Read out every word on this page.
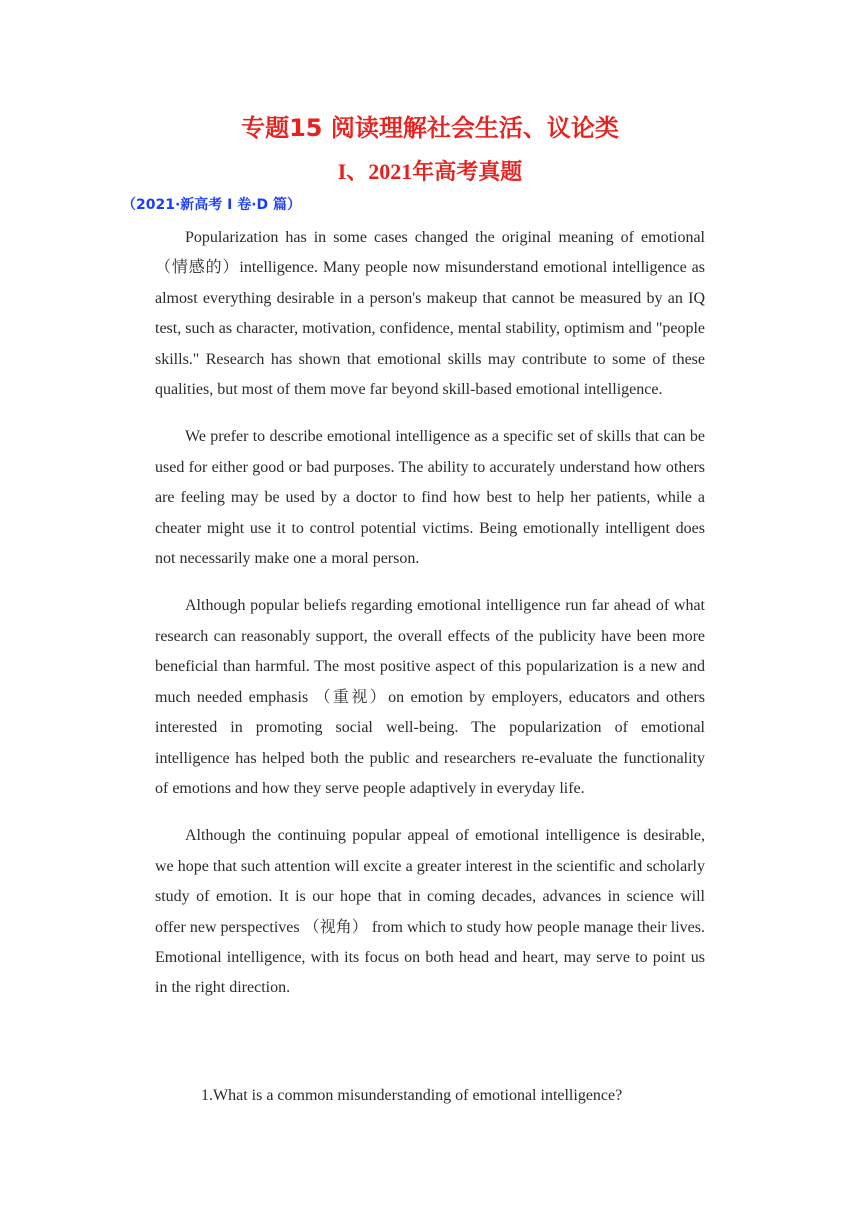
专题15 阅读理解社会生活、议论类
I、2021年高考真题
（2021·新高考 I 卷·D 篇）

Popularization has in some cases changed the original meaning of emotional（情感的）intelligence. Many people now misunderstand emotional intelligence as almost everything desirable in a person's makeup that cannot be measured by an IQ test, such as character, motivation, confidence, mental stability, optimism and "people skills." Research has shown that emotional skills may contribute to some of these qualities, but most of them move far beyond skill-based emotional intelligence.

We prefer to describe emotional intelligence as a specific set of skills that can be used for either good or bad purposes. The ability to accurately understand how others are feeling may be used by a doctor to find how best to help her patients, while a cheater might use it to control potential victims. Being emotionally intelligent does not necessarily make one a moral person.

Although popular beliefs regarding emotional intelligence run far ahead of what research can reasonably support, the overall effects of the publicity have been more beneficial than harmful. The most positive aspect of this popularization is a new and much needed emphasis （重视）on emotion by employers, educators and others interested in promoting social well-being. The popularization of emotional intelligence has helped both the public and researchers re-evaluate the functionality of emotions and how they serve people adaptively in everyday life.

Although the continuing popular appeal of emotional intelligence is desirable, we hope that such attention will excite a greater interest in the scientific and scholarly study of emotion. It is our hope that in coming decades, advances in science will offer new perspectives （视角） from which to study how people manage their lives. Emotional intelligence, with its focus on both head and heart, may serve to point us in the right direction.

1.What is a common misunderstanding of emotional intelligence?
